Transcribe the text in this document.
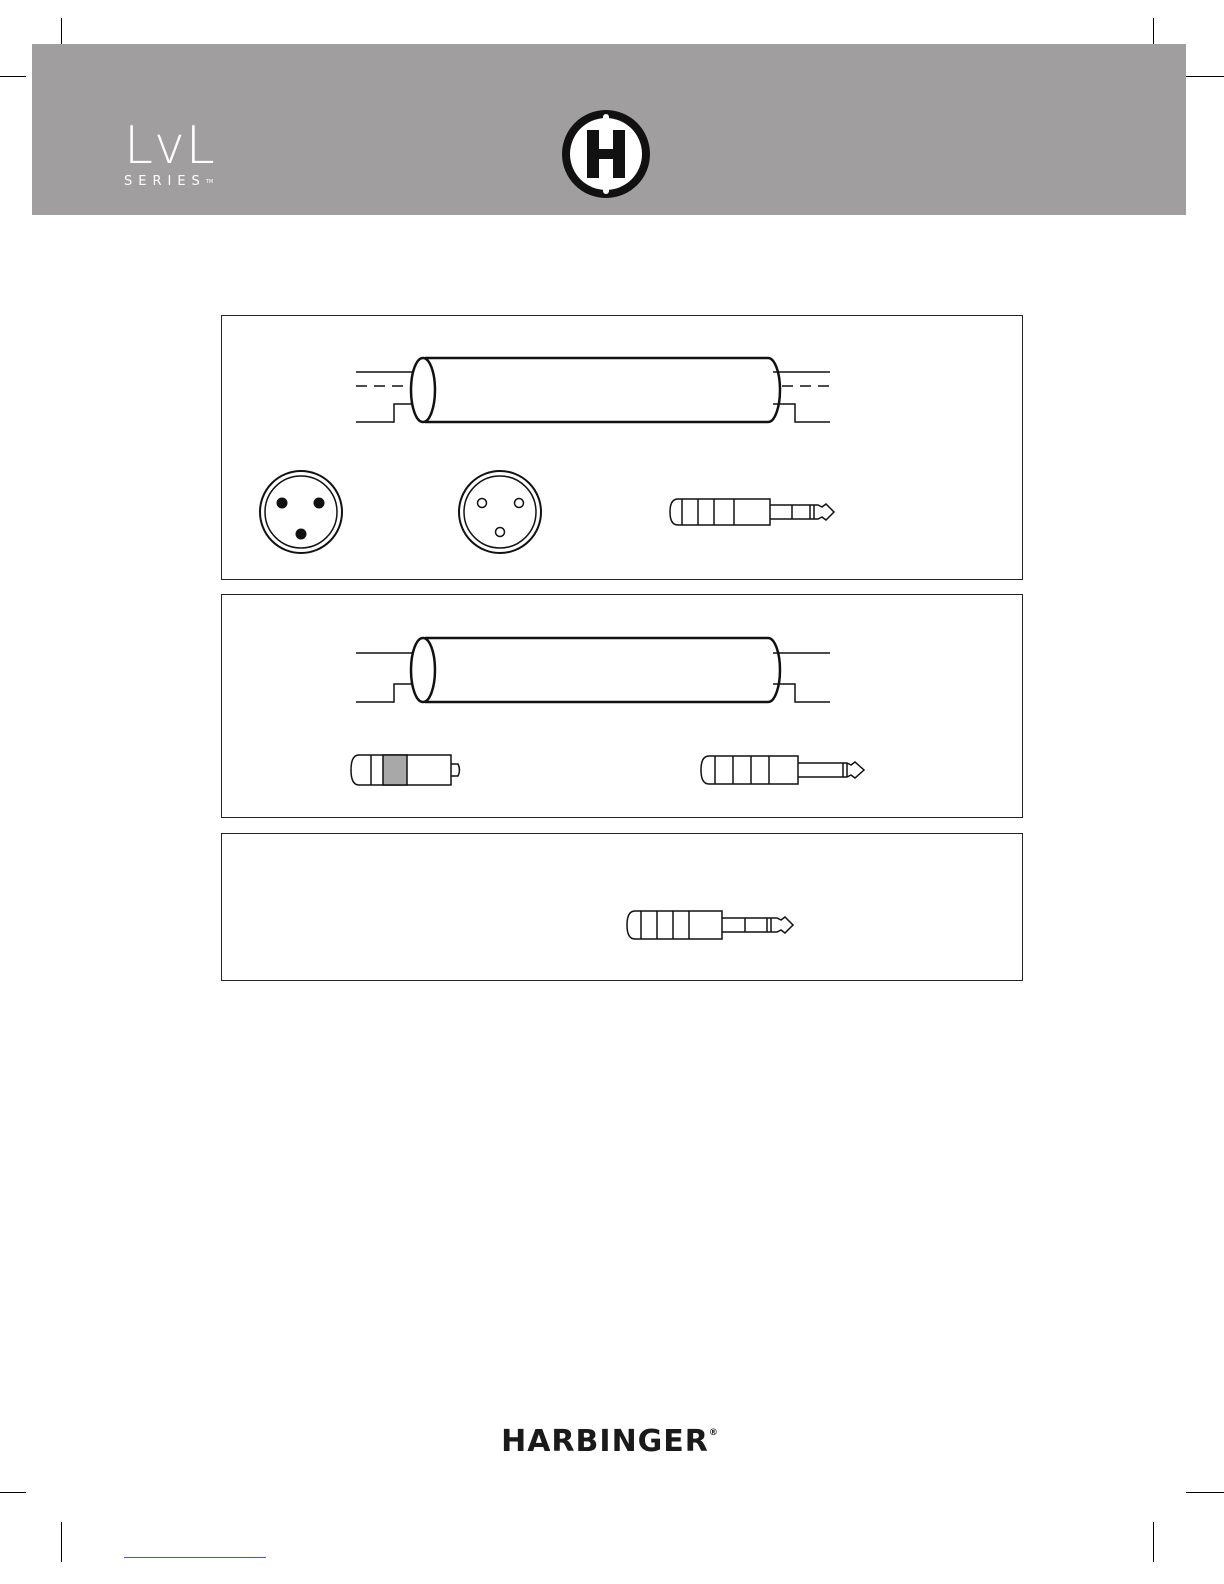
LvL
SERIES™
HARBINGER®
